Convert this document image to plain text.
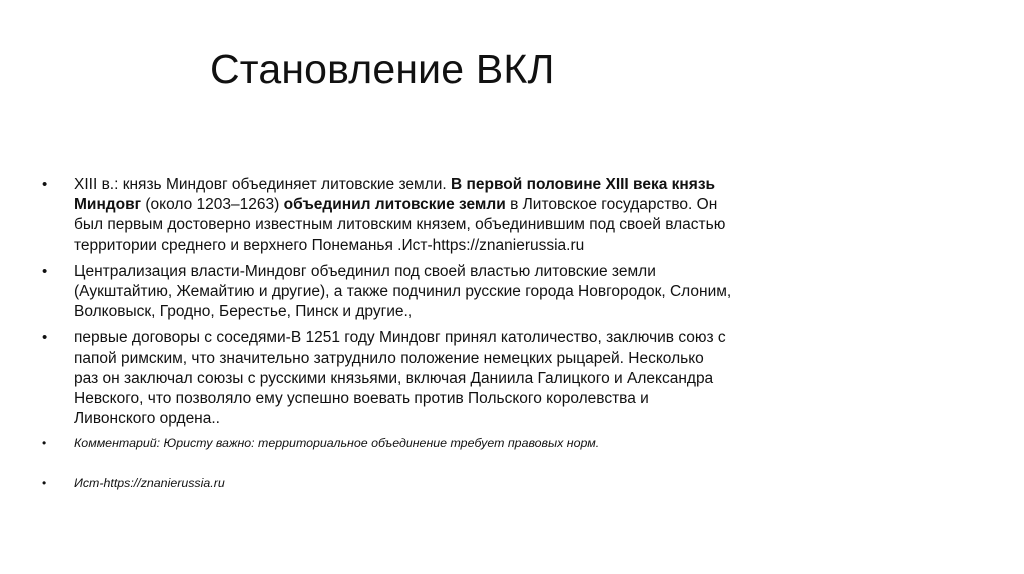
Становление ВКЛ
• XIII в.: князь Миндовг объединяет литовские земли. В первой половине XIII века князь Миндовг (около 1203–1263) объединил литовские земли в Литовское государство. Он был первым достоверно известным литовским князем, объединившим под своей властью территории среднего и верхнего Понеманья .Ист-https://znanierussia.ru
• Централизация власти-Миндовг объединил под своей властью литовские земли (Аукштайтию, Жемайтию и другие), а также подчинил русские города Новгородок, Слоним, Волковыск, Гродно, Берестье, Пинск и другие.,
• первые договоры с соседями-В 1251 году Миндовг принял католичество, заключив союз с папой римским, что значительно затруднило положение немецких рыцарей. Несколько раз он заключал союзы с русскими князьями, включая Даниила Галицкого и Александра Невского, что позволяло ему успешно воевать против Польского королевства и Ливонского ордена..
• Комментарий: Юристу важно: территориальное объединение требует правовых норм.
• Ист-https://znanierussia.ru
